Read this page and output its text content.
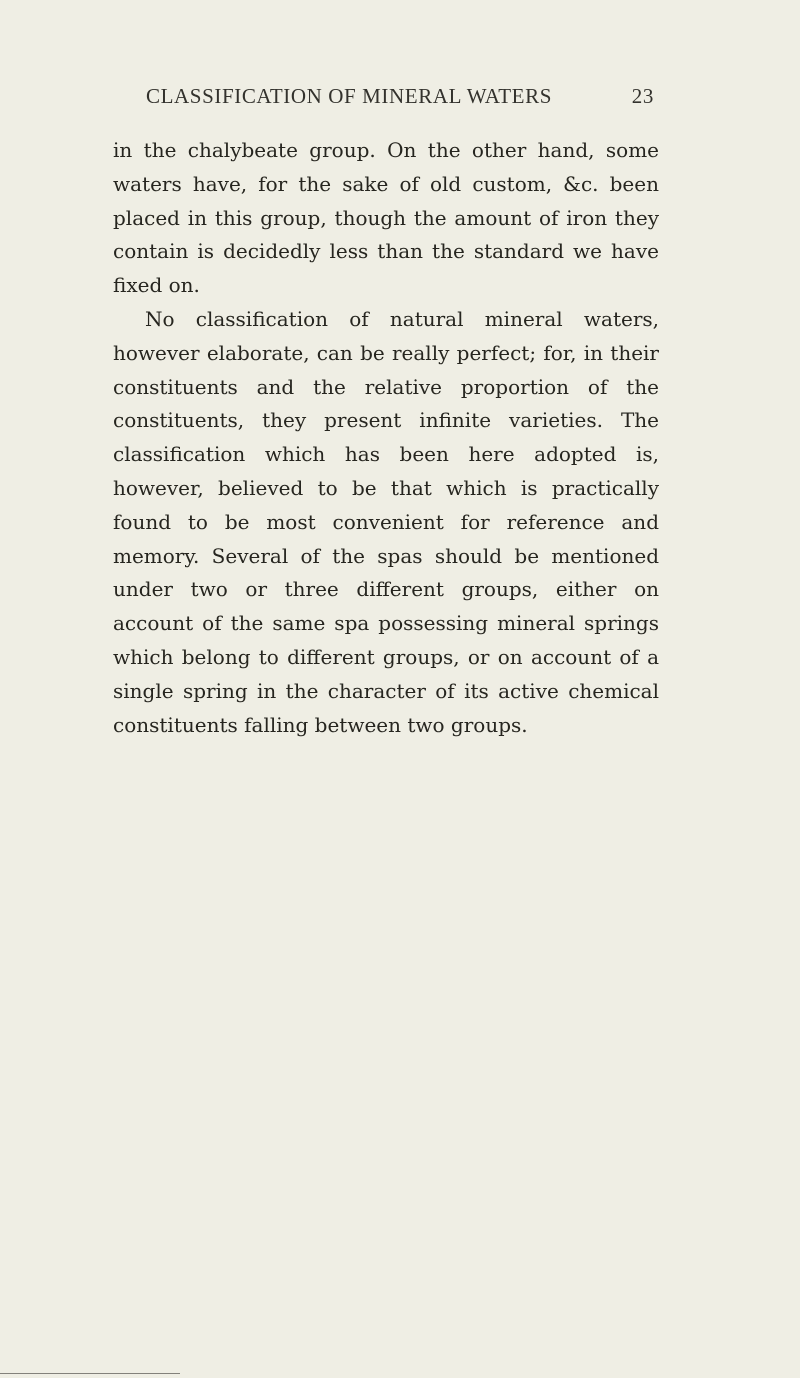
CLASSIFICATION OF MINERAL WATERS	23

in the chalybeate group. On the other hand, some waters have, for the sake of old custom, &c. been placed in this group, though the amount of iron they contain is decidedly less than the standard we have fixed on.

No classification of natural mineral waters, however elaborate, can be really perfect; for, in their constituents and the relative proportion of the constituents, they present infinite varieties. The classification which has been here adopted is, however, believed to be that which is practically found to be most convenient for reference and memory. Several of the spas should be mentioned under two or three different groups, either on account of the same spa possessing mineral springs which belong to different groups, or on account of a single spring in the character of its active chemical constituents falling between two groups.
